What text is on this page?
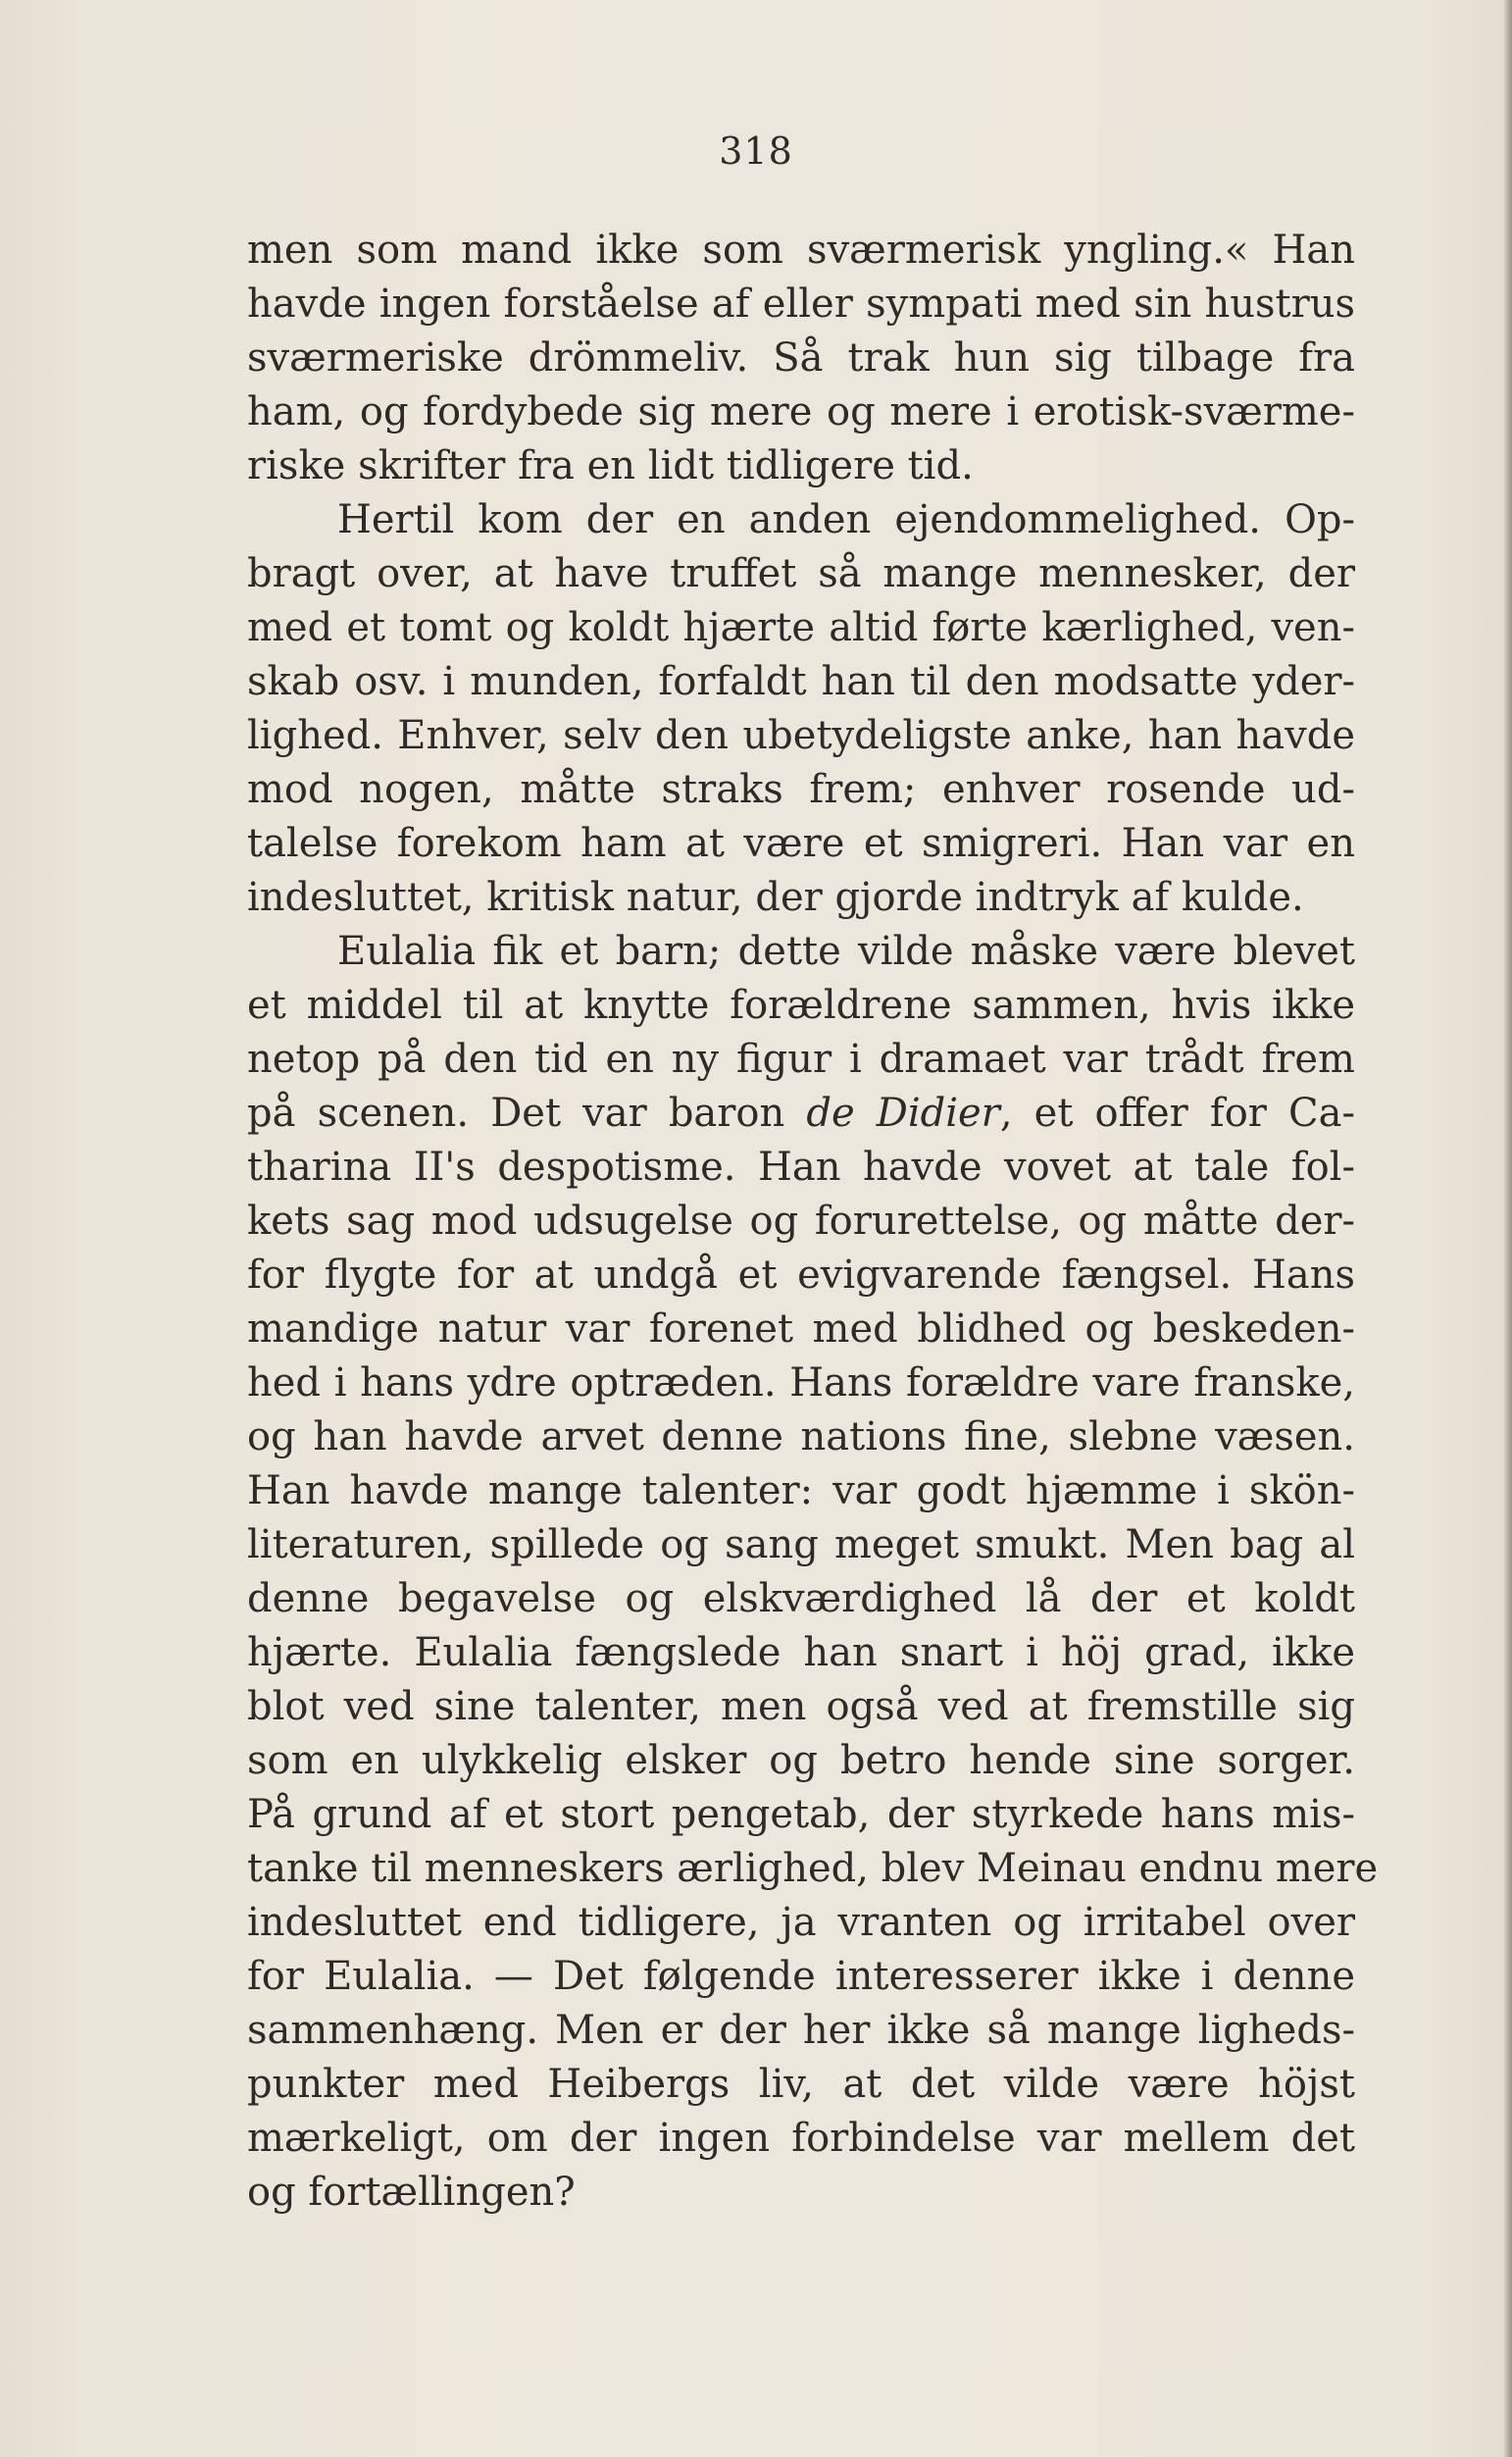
318
men som mand ikke som sværmerisk yngling.« Han
havde ingen forståelse af eller sympati med sin hustrus
sværmeriske drömmeliv. Så trak hun sig tilbage fra
ham, og fordybede sig mere og mere i erotisk-sværme-
riske skrifter fra en lidt tidligere tid.
Hertil kom der en anden ejendommelighed. Op-
bragt over, at have truffet så mange mennesker, der
med et tomt og koldt hjærte altid førte kærlighed, ven-
skab osv. i munden, forfaldt han til den modsatte yder-
lighed. Enhver, selv den ubetydeligste anke, han havde
mod nogen, måtte straks frem; enhver rosende ud-
talelse forekom ham at være et smigreri. Han var en
indesluttet, kritisk natur, der gjorde indtryk af kulde.
Eulalia fik et barn; dette vilde måske være blevet
et middel til at knytte forældrene sammen, hvis ikke
netop på den tid en ny figur i dramaet var trådt frem
på scenen. Det var baron de Didier, et offer for Ca-
tharina II's despotisme. Han havde vovet at tale fol-
kets sag mod udsugelse og forurettelse, og måtte der-
for flygte for at undgå et evigvarende fængsel. Hans
mandige natur var forenet med blidhed og beskeden-
hed i hans ydre optræden. Hans forældre vare franske,
og han havde arvet denne nations fine, slebne væsen.
Han havde mange talenter: var godt hjæmme i skön-
literaturen, spillede og sang meget smukt. Men bag al
denne begavelse og elskværdighed lå der et koldt
hjærte. Eulalia fængslede han snart i höj grad, ikke
blot ved sine talenter, men også ved at fremstille sig
som en ulykkelig elsker og betro hende sine sorger.
På grund af et stort pengetab, der styrkede hans mis-
tanke til menneskers ærlighed, blev Meinau endnu mere
indesluttet end tidligere, ja vranten og irritabel over
for Eulalia. — Det følgende interesserer ikke i denne
sammenhæng. Men er der her ikke så mange ligheds-
punkter med Heibergs liv, at det vilde være höjst
mærkeligt, om der ingen forbindelse var mellem det
og fortællingen?
